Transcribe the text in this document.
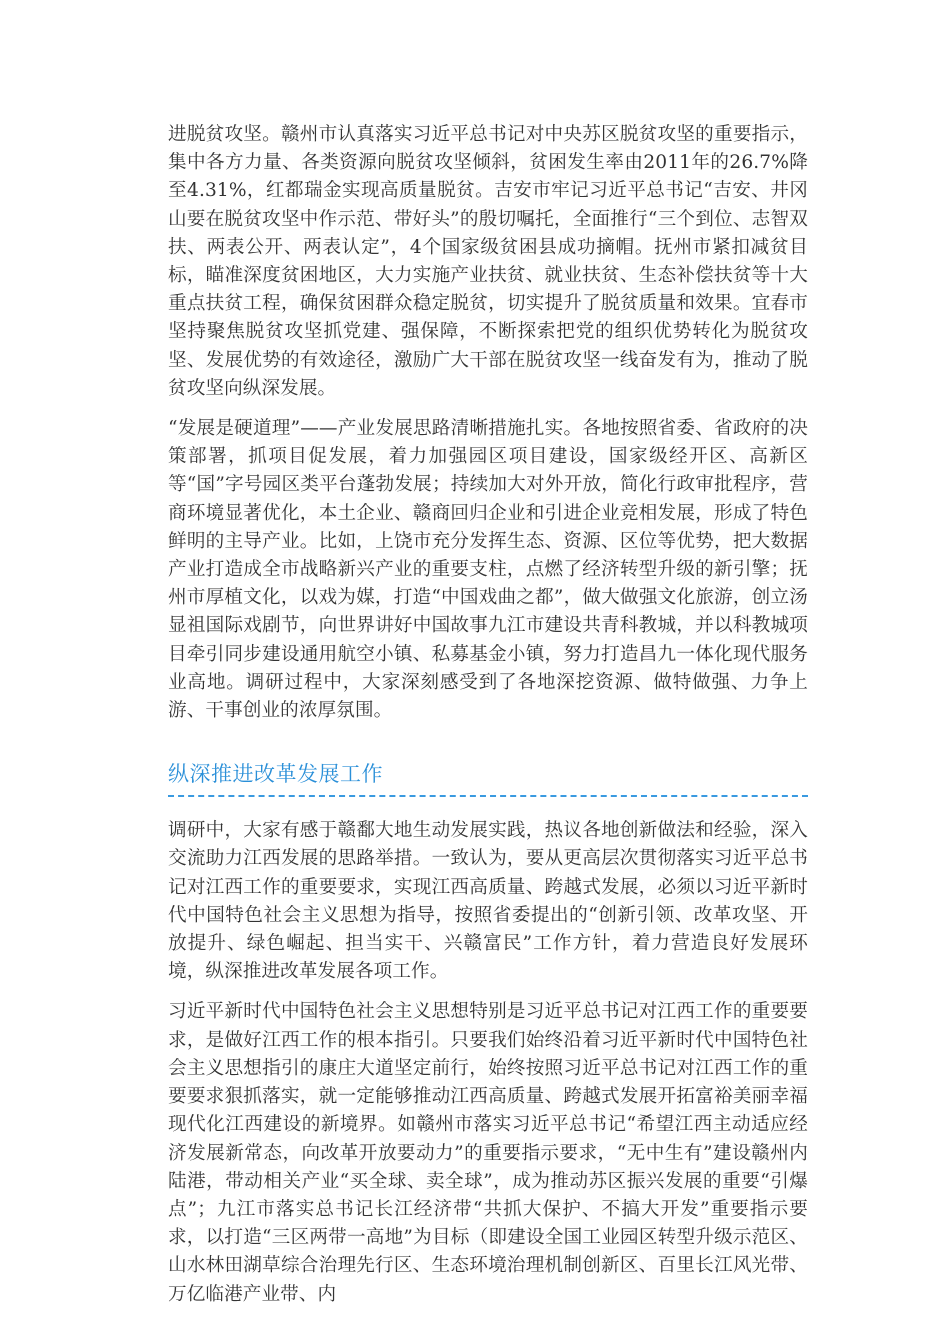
进脱贫攻坚。赣州市认真落实习近平总书记对中央苏区脱贫攻坚的重要指示，集中各方力量、各类资源向脱贫攻坚倾斜，贫困发生率由2011年的26.7%降至4.31%，红都瑞金实现高质量脱贫。吉安市牢记习近平总书记“吉安、井冈山要在脱贫攻坚中作示范、带好头”的殷切嘱托，全面推行“三个到位、志智双扶、两表公开、两表认定”，4个国家级贫困县成功摘帽。抚州市紧扣减贫目标，瞄准深度贫困地区，大力实施产业扶贫、就业扶贫、生态补偿扶贫等十大重点扶贫工程，确保贫困群众稳定脱贫，切实提升了脱贫质量和效果。宜春市坚持聚焦脱贫攻坚抓党建、强保障，不断探索把党的组织优势转化为脱贫攻坚、发展优势的有效途径，激励广大干部在脱贫攻坚一线奋发有为，推动了脱贫攻坚向纵深发展。

“发展是硬道理”——产业发展思路清晰措施扎实。各地按照省委、省政府的决策部署，抓项目促发展，着力加强园区项目建设，国家级经开区、高新区等“国”字号园区类平台蓬勃发展；持续加大对外开放，简化行政审批程序，营商环境显著优化，本土企业、赣商回归企业和引进企业竞相发展，形成了特色鲜明的主导产业。比如，上饶市充分发挥生态、资源、区位等优势，把大数据产业打造成全市战略新兴产业的重要支柱，点燃了经济转型升级的新引擎；抚州市厚植文化，以戏为媒，打造“中国戏曲之都”，做大做强文化旅游，创立汤显祖国际戏剧节，向世界讲好中国故事九江市建设共青科教城，并以科教城项目牵引同步建设通用航空小镇、私募基金小镇，努力打造昌九一体化现代服务业高地。调研过程中，大家深刻感受到了各地深挖资源、做特做强、力争上游、干事创业的浓厚氛围。

纵深推进改革发展工作

调研中，大家有感于赣鄱大地生动发展实践，热议各地创新做法和经验，深入交流助力江西发展的思路举措。一致认为，要从更高层次贯彻落实习近平总书记对江西工作的重要要求，实现江西高质量、跨越式发展，必须以习近平新时代中国特色社会主义思想为指导，按照省委提出的“创新引领、改革攻坚、开放提升、绿色崛起、担当实干、兴赣富民”工作方针，着力营造良好发展环境，纵深推进改革发展各项工作。

习近平新时代中国特色社会主义思想特别是习近平总书记对江西工作的重要要求，是做好江西工作的根本指引。只要我们始终沿着习近平新时代中国特色社会主义思想指引的康庄大道坚定前行，始终按照习近平总书记对江西工作的重要要求狠抓落实，就一定能够推动江西高质量、跨越式发展开拓富裕美丽幸福现代化江西建设的新境界。如赣州市落实习近平总书记“希望江西主动适应经济发展新常态，向改革开放要动力”的重要指示要求，“无中生有”建设赣州内陆港，带动相关产业“买全球、卖全球”，成为推动苏区振兴发展的重要“引爆点”；九江市落实总书记长江经济带“共抓大保护、不搞大开发”重要指示要求，以打造“三区两带一高地”为目标（即建设全国工业园区转型升级示范区、山水林田湖草综合治理先行区、生态环境治理机制创新区、百里长江风光带、万亿临港产业带、内
